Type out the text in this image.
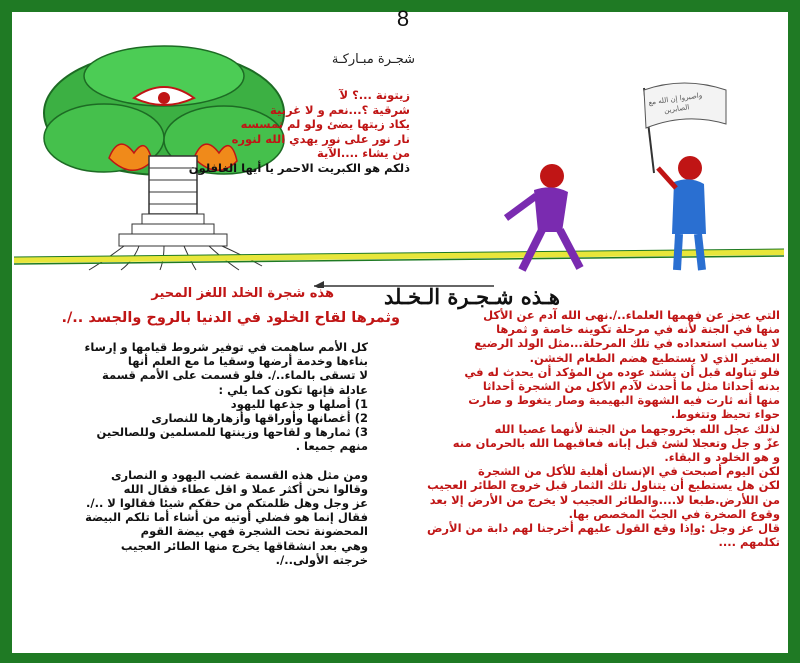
8
شجـرة مبـاركـة
واصبروا إن الله مع الصابرين
زيتونة ...؟ لآ
شرقية ؟...نعم و لا غربية
يكاد زيتها يضئ ولو لم تمسسه
نار نور على نور يهدي الله لنوره
من يشاء ....الآية
ذلكم هو الكبريت الاحمر يا أيها الغافلون
هذه شجرة الخلد اللغز المحير هـذه شـجـرة الـخـلد
وثمرها لقاح الخلود في الدنيا بالروح والجسد ../.
كل الأمم ساهمت في توفير شروط قيامها و إرساء
بناءها وخدمة أرضها وسقيا ما مع العلم أنها
لا تسقى بالماء../. فلو قسمت على الأمم قسمة
عادلة فإنها تكون كما يلي :
1) أصلها و جذعها لليهود
2) أغصانها وأوراقها وأزهارها للنصارى
3) ثمارها و لقاحها وزينتها للمسلمين وللصالحين
منهم جميعا .
ومن مثل هذه القسمة غضب اليهود و النصارى
وقالوا نحن أكثر عملا و اقل عطاء فقال الله
عز وجل وهل ظلمتكم من حقكم شيئا فقالوا لا ../.
فقال إنما هو فضلي أوتيه من أشاء أما تلكم البيضة
المحضونة تحت الشجرة فهي بيضة القوم
وهي بعد انشقاقها يخرج منها الطائر العجيب
خرجته الأولى../.
التي عجز عن فهمها العلماء../.نهى الله آدم عن الأكل
منها في الجنة لأنه في مرحلة تكوينه خاصة و ثمرها
لا يناسب استعداده في تلك المرحلة...مثل الولد الرضيع
الصغير الذي لا يستطيع هضم الطعام الخشن.
فلو تناوله قبل أن يشتد عوده من المؤكد أن يحدث له في
بدنه أحداثا مثل ما أحدث لآدم الأكل من الشجرة أحداثا
منها أنه ثارت فيه الشهوة البهيمية وصار يتغوط و صارت
حواء تحيظ وتتغوط.
لذلك عجل الله بخروجهما من الجنة لأنهما عصيا الله
عزّ و جل وتعجلا لشئ قبل إبانه فعاقبهما الله بالحرمان منه
و هو الخلود و البقاء.
لكن اليوم أصبحت في الإنسان أهلية للأكل من الشجرة
لكن هل يستطيع أن يتناول تلك الثمار قبل خروج الطائر العجيب
من اللأرض.طبعا لا....والطائر العجيب لا يخرج من الأرض إلا بعد
وقوع الصخرة في الجبّ المخصص بها.
قال عز وجل :وإذا وقع القول عليهم أخرجنا لهم دابة من الأرض
تكلمهم ....
